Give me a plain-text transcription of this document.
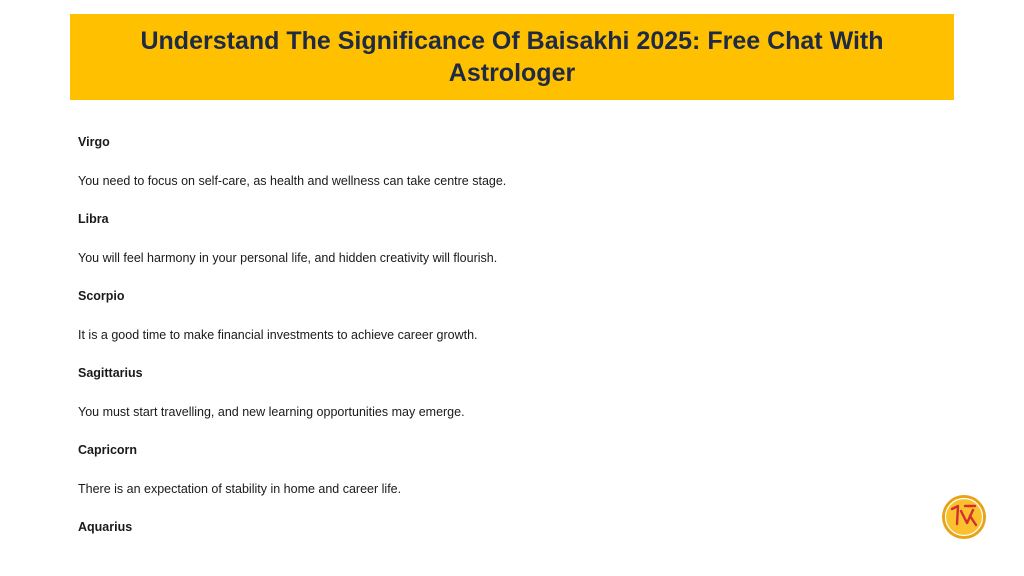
Understand The Significance Of Baisakhi 2025: Free Chat With Astrologer

Virgo

You need to focus on self-care, as health and wellness can take centre stage.

Libra

You will feel harmony in your personal life, and hidden creativity will flourish.

Scorpio

It is a good time to make financial investments to achieve career growth.

Sagittarius

You must start travelling, and new learning opportunities may emerge.

Capricorn

There is an expectation of stability in home and career life.

Aquarius
